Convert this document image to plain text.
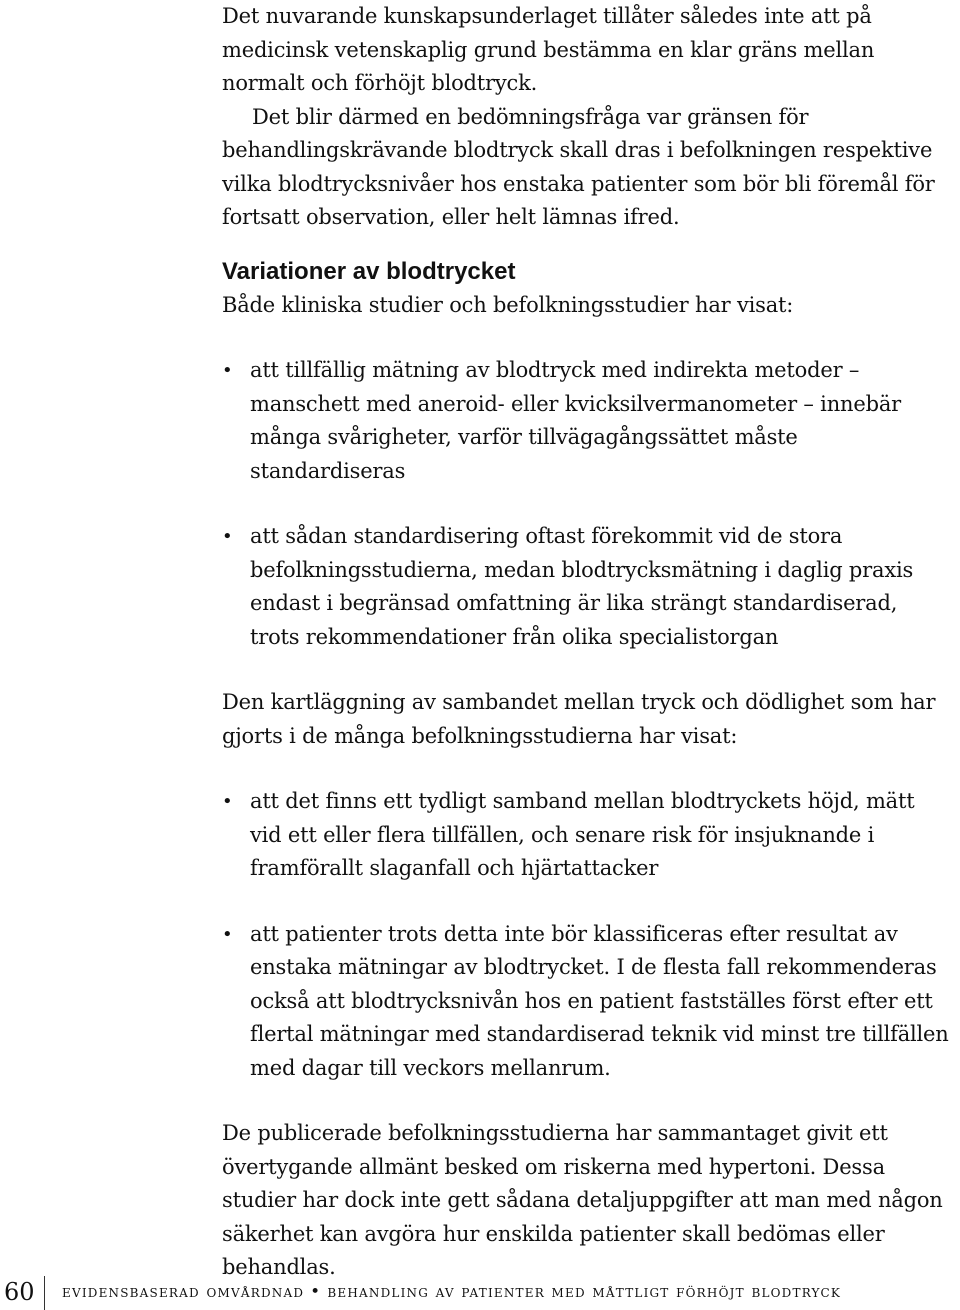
Det nuvarande kunskapsunderlaget tillåter således inte att på medicinsk vetenskaplig grund bestämma en klar gräns mellan normalt och förhöjt blodtryck.

Det blir därmed en bedömningsfråga var gränsen för behandlingskrävande blodtryck skall dras i befolkningen respektive vilka blodtrycksnivåer hos enstaka patienter som bör bli föremål för fortsatt observation, eller helt lämnas ifred.

Variationer av blodtrycket

Både kliniska studier och befolkningsstudier har visat:

• att tillfällig mätning av blodtryck med indirekta metoder – manschett med aneroid- eller kvicksilvermanometer – innebär många svårigheter, varför tillvägagångssättet måste standardiseras
• att sådan standardisering oftast förekommit vid de stora befolkningsstudierna, medan blodtrycksmätning i daglig praxis endast i begränsad omfattning är lika strängt standardiserad, trots rekommendationer från olika specialistorgan

Den kartläggning av sambandet mellan tryck och dödlighet som har gjorts i de många befolkningsstudierna har visat:

• att det finns ett tydligt samband mellan blodtryckets höjd, mätt vid ett eller flera tillfällen, och senare risk för insjuknande i framförallt slaganfall och hjärtattacker
• att patienter trots detta inte bör klassificeras efter resultat av enstaka mätningar av blodtrycket. I de flesta fall rekommenderas också att blodtrycksnivån hos en patient fastställes först efter ett flertal mätningar med standardiserad teknik vid minst tre tillfällen med dagar till veckors mellanrum.

De publicerade befolkningsstudierna har sammantaget givit ett övertygande allmänt besked om riskerna med hypertoni. Dessa studier har dock inte gett sådana detaljuppgifter att man med någon säkerhet kan avgöra hur enskilda patienter skall bedömas eller behandlas.

60 evidensbaserad omvårdnad • behandling av patienter med måttligt förhöjt blodtryck
